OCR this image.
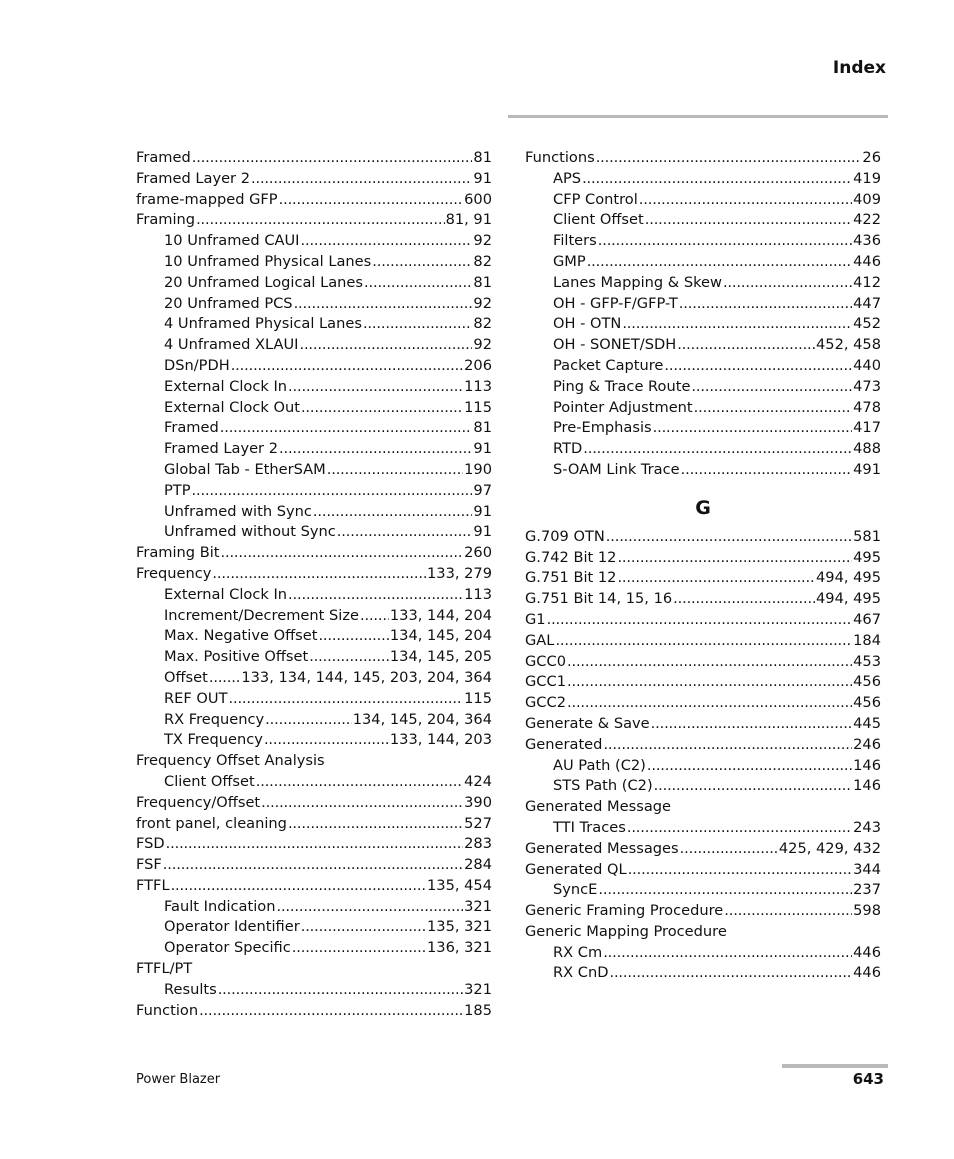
Index
Framed . . .	81
Framed Layer 2 . . .	91
frame-mapped GFP . . .	600
Framing . . .	81, 91
10 Unframed CAUI . . .	92
10 Unframed Physical Lanes . . .	82
20 Unframed Logical Lanes . . .	81
20 Unframed PCS . . .	92
4 Unframed Physical Lanes . . .	82
4 Unframed XLAUI . . .	92
DSn/PDH . . .	206
External Clock In . . .	113
External Clock Out . . .	115
Framed . . .	81
Framed Layer 2 . . .	91
Global Tab - EtherSAM . . .	190
PTP . . .	97
Unframed with Sync . . .	91
Unframed without Sync . . .	91
Framing Bit . . .	260
Frequency . . .	133, 279
External Clock In . . .	113
Increment/Decrement Size . . . 133, 144, 204
Max. Negative Offset . . .	134, 145, 204
Max. Positive Offset . . .	134, 145, 205
Offset . . . 133, 134, 144, 145, 203, 204, 364
REF OUT . . .	115
RX Frequency . . .	134, 145, 204, 364
TX Frequency . . .	133, 144, 203
Frequency Offset Analysis
Client Offset . . .	424
Frequency/Offset . . .	390
front panel, cleaning . . .	527
FSD . . .	283
FSF . . .	284
FTFL . . .	135, 454
Fault Indication . . .	321
Operator Identifier . . .	135, 321
Operator Specific . . .	136, 321
FTFL/PT
Results . . .	321
Function . . .	185
Functions . . .	26
APS . . .	419
CFP Control . . .	409
Client Offset . . .	422
Filters . . .	436
GMP . . .	446
Lanes Mapping & Skew . . .	412
OH - GFP-F/GFP-T . . .	447
OH - OTN . . .	452
OH - SONET/SDH . . .	452, 458
Packet Capture . . .	440
Ping & Trace Route . . .	473
Pointer Adjustment . . .	478
Pre-Emphasis . . .	417
RTD . . .	488
S-OAM Link Trace . . .	491
G
G.709 OTN . . .	581
G.742 Bit 12 . . .	495
G.751 Bit 12 . . .	494, 495
G.751 Bit 14, 15, 16 . . .	494, 495
G1 . . .	467
GAL . . .	184
GCC0 . . .	453
GCC1 . . .	456
GCC2 . . .	456
Generate & Save . . .	445
Generated . . .	246
AU Path (C2) . . .	146
STS Path (C2) . . .	146
Generated Message
TTI Traces . . .	243
Generated Messages . . .	425, 429, 432
Generated QL . . .	344
SyncE . . .	237
Generic Framing Procedure . . .	598
Generic Mapping Procedure
RX Cm . . .	446
RX CnD . . .	446
Power Blazer	643
